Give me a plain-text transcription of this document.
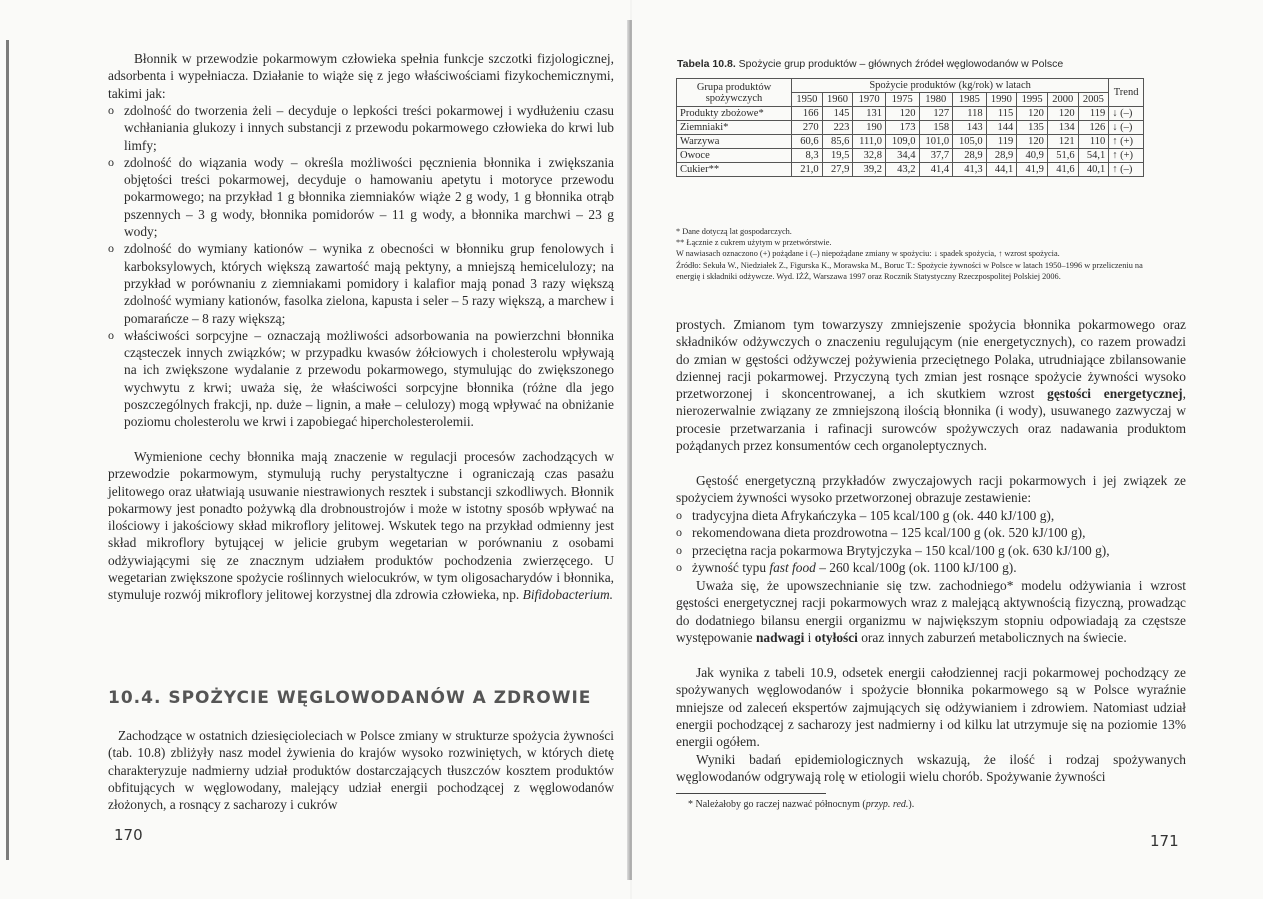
Błonnik w przewodzie pokarmowym człowieka spełnia funkcje szczotki fizjologicznej, adsorbenta i wypełniacza. Działanie to wiąże się z jego właściwościami fizykochemicznymi, takimi jak:

o zdolność do tworzenia żeli – decyduje o lepkości treści pokarmowej i wydłużeniu czasu wchłaniania glukozy i innych substancji z przewodu pokarmowego człowieka do krwi lub limfy;
o zdolność do wiązania wody – określa możliwości pęcznienia błonnika i zwiększania objętości treści pokarmowej, decyduje o hamowaniu apetytu i motoryce przewodu pokarmowego; na przykład 1 g błonnika ziemniaków wiąże 2 g wody, 1 g błonnika otrąb pszennych – 3 g wody, błonnika pomidorów – 11 g wody, a błonnika marchwi – 23 g wody;
o zdolność do wymiany kationów – wynika z obecności w błonniku grup fenolowych i karboksylowych, których większą zawartość mają pektyny, a mniejszą hemicelulozy; na przykład w porównaniu z ziemniakami pomidory i kalafior mają ponad 3 razy większą zdolność wymiany kationów, fasolka zielona, kapusta i seler – 5 razy większą, a marchew i pomarańcze – 8 razy większą;
o właściwości sorpcyjne – oznaczają możliwości adsorbowania na powierzchni błonnika cząsteczek innych związków; w przypadku kwasów żółciowych i cholesterolu wpływają na ich zwiększone wydalanie z przewodu pokarmowego, stymulując do zwiększonego wychwytu z krwi; uważa się, że właściwości sorpcyjne błonnika (różne dla jego poszczególnych frakcji, np. duże – lignin, a małe – celulozy) mogą wpływać na obniżanie poziomu cholesterolu we krwi i zapobiegać hipercholesterolemii.

Wymienione cechy błonnika mają znaczenie w regulacji procesów zachodzących w przewodzie pokarmowym, stymulują ruchy perystaltyczne i ograniczają czas pasażu jelitowego oraz ułatwiają usuwanie niestrawionych resztek i substancji szkodliwych. Błonnik pokarmowy jest ponadto pożywką dla drobnoustrojów i może w istotny sposób wpływać na ilościowy i jakościowy skład mikroflory jelitowej. Wskutek tego na przykład odmienny jest skład mikroflory bytującej w jelicie grubym wegetarian w porównaniu z osobami odżywiającymi się ze znacznym udziałem produktów pochodzenia zwierzęcego. U wegetarian zwiększone spożycie roślinnych wielocukrów, w tym oligosacharydów i błonnika, stymuluje rozwój mikroflory jelitowej korzystnej dla zdrowia człowieka, np. Bifidobacterium.

10.4. SPOŻYCIE WĘGLOWODANÓW A ZDROWIE

Zachodzące w ostatnich dziesięcioleciach w Polsce zmiany w strukturze spożycia żywności (tab. 10.8) zbliżyły nasz model żywienia do krajów wysoko rozwiniętych, w których dietę charakteryzuje nadmierny udział produktów dostarczających tłuszczów kosztem produktów obfitujących w węglowodany, malejący udział energii pochodzącej z węglowodanów złożonych, a rosnący z sacharozy i cukrów

170

Tabela 10.8. Spożycie grup produktów – głównych źródeł węglowodanów w Polsce

Grupa produktów spożywczych	Spożycie produktów (kg/rok) w latach										Trend
	1950	1960	1970	1975	1980	1985	1990	1995	2000	2005	
Produkty zbożowe*	166	145	131	120	127	118	115	120	120	119	↓ (–)
Ziemniaki*	270	223	190	173	158	143	144	135	134	126	↓ (–)
Warzywa	60,6	85,6	111,0	109,0	101,0	105,0	119	120	121	110	↑ (+)
Owoce	8,3	19,5	32,8	34,4	37,7	28,9	28,9	40,9	51,6	54,1	↑ (+)
Cukier**	21,0	27,9	39,2	43,2	41,4	41,3	44,1	41,9	41,6	40,1	↑ (–)

* Dane dotyczą lat gospodarczych.

** Łącznie z cukrem użytym w przetwórstwie.

W nawiasach oznaczono (+) pożądane i (–) niepożądane zmiany w spożyciu: ↓ spadek spożycia, ↑ wzrost spożycia.

Źródło: Sekuła W., Niedziałek Z., Figurska K., Morawska M., Boruc T.: Spożycie żywności w Polsce w latach 1950–1996 w przeliczeniu na energię i składniki odżywcze. Wyd. IŻŻ, Warszawa 1997 oraz Rocznik Statystyczny Rzeczpospolitej Polskiej 2006.

prostych. Zmianom tym towarzyszy zmniejszenie spożycia błonnika pokarmowego oraz składników odżywczych o znaczeniu regulującym (nie energetycznych), co razem prowadzi do zmian w gęstości odżywczej pożywienia przeciętnego Polaka, utrudniające zbilansowanie dziennej racji pokarmowej. Przyczyną tych zmian jest rosnące spożycie żywności wysoko przetworzonej i skoncentrowanej, a ich skutkiem wzrost gęstości energetycznej, nierozerwalnie związany ze zmniejszoną ilością błonnika (i wody), usuwanego zazwyczaj w procesie przetwarzania i rafinacji surowców spożywczych oraz nadawania produktom pożądanych przez konsumentów cech organoleptycznych.

Gęstość energetyczną przykładów zwyczajowych racji pokarmowych i jej związek ze spożyciem żywności wysoko przetworzonej obrazuje zestawienie:

o tradycyjna dieta Afrykańczyka – 105 kcal/100 g (ok. 440 kJ/100 g),
o rekomendowana dieta prozdrowotna – 125 kcal/100 g (ok. 520 kJ/100 g),
o przeciętna racja pokarmowa Brytyjczyka – 150 kcal/100 g (ok. 630 kJ/100 g),
o żywność typu fast food – 260 kcal/100g (ok. 1100 kJ/100 g).

Uważa się, że upowszechnianie się tzw. zachodniego* modelu odżywiania i wzrost gęstości energetycznej racji pokarmowych wraz z malejącą aktywnością fizyczną, prowadząc do dodatniego bilansu energii organizmu w największym stopniu odpowiadają za częstsze występowanie nadwagi i otyłości oraz innych zaburzeń metabolicznych na świecie.

Jak wynika z tabeli 10.9, odsetek energii całodziennej racji pokarmowej pochodzący ze spożywanych węglowodanów i spożycie błonnika pokarmowego są w Polsce wyraźnie mniejsze od zaleceń ekspertów zajmujących się odżywianiem i zdrowiem. Natomiast udział energii pochodzącej z sacharozy jest nadmierny i od kilku lat utrzymuje się na poziomie 13% energii ogółem.

Wyniki badań epidemiologicznych wskazują, że ilość i rodzaj spożywanych węglowodanów odgrywają rolę w etiologii wielu chorób. Spożywanie żywności

* Należałoby go raczej nazwać północnym (przyp. red.).

171
